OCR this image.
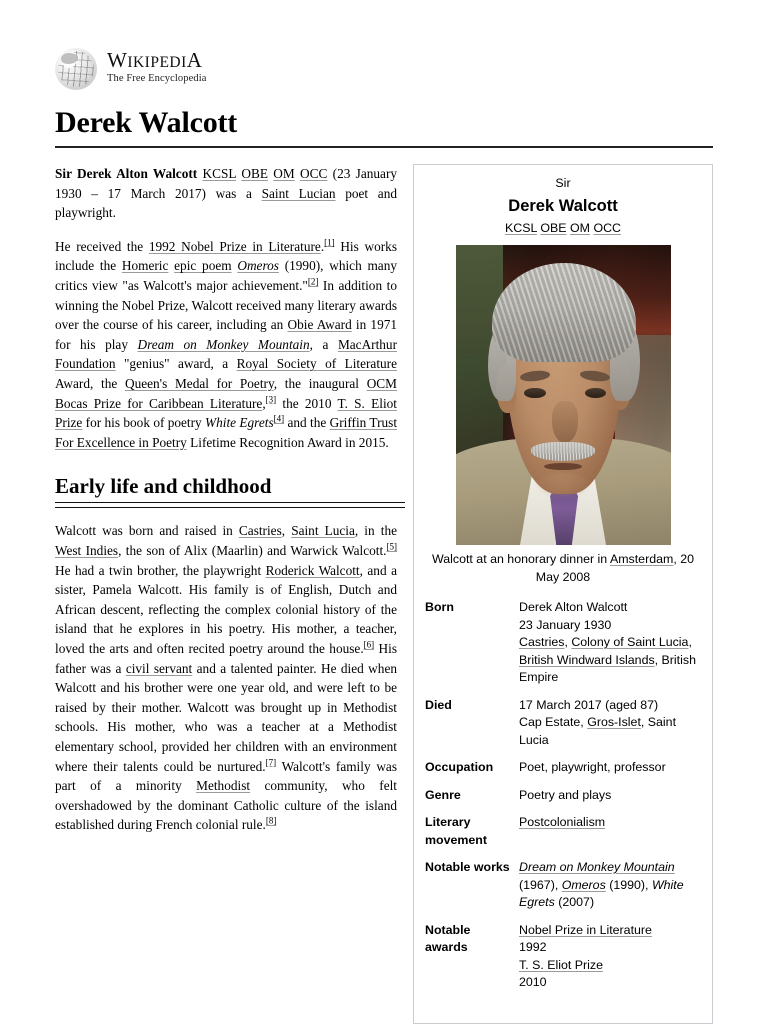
WIKIPEDIA
The Free Encyclopedia
Derek Walcott
Sir
Derek Walcott
KCSL OBE OM OCC
Walcott at an honorary dinner in Amsterdam, 20 May 2008
Born	Derek Alton Walcott
23 January 1930
Castries, Colony of Saint Lucia, British Windward Islands, British Empire

Died	17 March 2017 (aged 87)
Cap Estate, Gros-Islet, Saint Lucia

Occupation	Poet, playwright, professor
Genre	Poetry and plays
Literary movement	Postcolonialism
Notable works	Dream on Monkey Mountain (1967), Omeros (1990), White Egrets (2007)
Notable awards	Nobel Prize in Literature
1992
T. S. Eliot Prize
2010

Sir Derek Alton Walcott KCSL OBE OM OCC (23 January 1930 – 17 March 2017) was a Saint Lucian poet and playwright.

He received the 1992 Nobel Prize in Literature.[1] His works include the Homeric epic poem Omeros (1990), which many critics view "as Walcott's major achievement."[2] In addition to winning the Nobel Prize, Walcott received many literary awards over the course of his career, including an Obie Award in 1971 for his play Dream on Monkey Mountain, a MacArthur Foundation "genius" award, a Royal Society of Literature Award, the Queen's Medal for Poetry, the inaugural OCM Bocas Prize for Caribbean Literature,[3] the 2010 T. S. Eliot Prize for his book of poetry White Egrets[4] and the Griffin Trust For Excellence in Poetry Lifetime Recognition Award in 2015.

Early life and childhood

Walcott was born and raised in Castries, Saint Lucia, in the West Indies, the son of Alix (Maarlin) and Warwick Walcott.[5] He had a twin brother, the playwright Roderick Walcott, and a sister, Pamela Walcott. His family is of English, Dutch and African descent, reflecting the complex colonial history of the island that he explores in his poetry. His mother, a teacher, loved the arts and often recited poetry around the house.[6] His father was a civil servant and a talented painter. He died when Walcott and his brother were one year old, and were left to be raised by their mother. Walcott was brought up in Methodist schools. His mother, who was a teacher at a Methodist elementary school, provided her children with an environment where their talents could be nurtured.[7] Walcott's family was part of a minority Methodist community, who felt overshadowed by the dominant Catholic culture of the island established during French colonial rule.[8]
